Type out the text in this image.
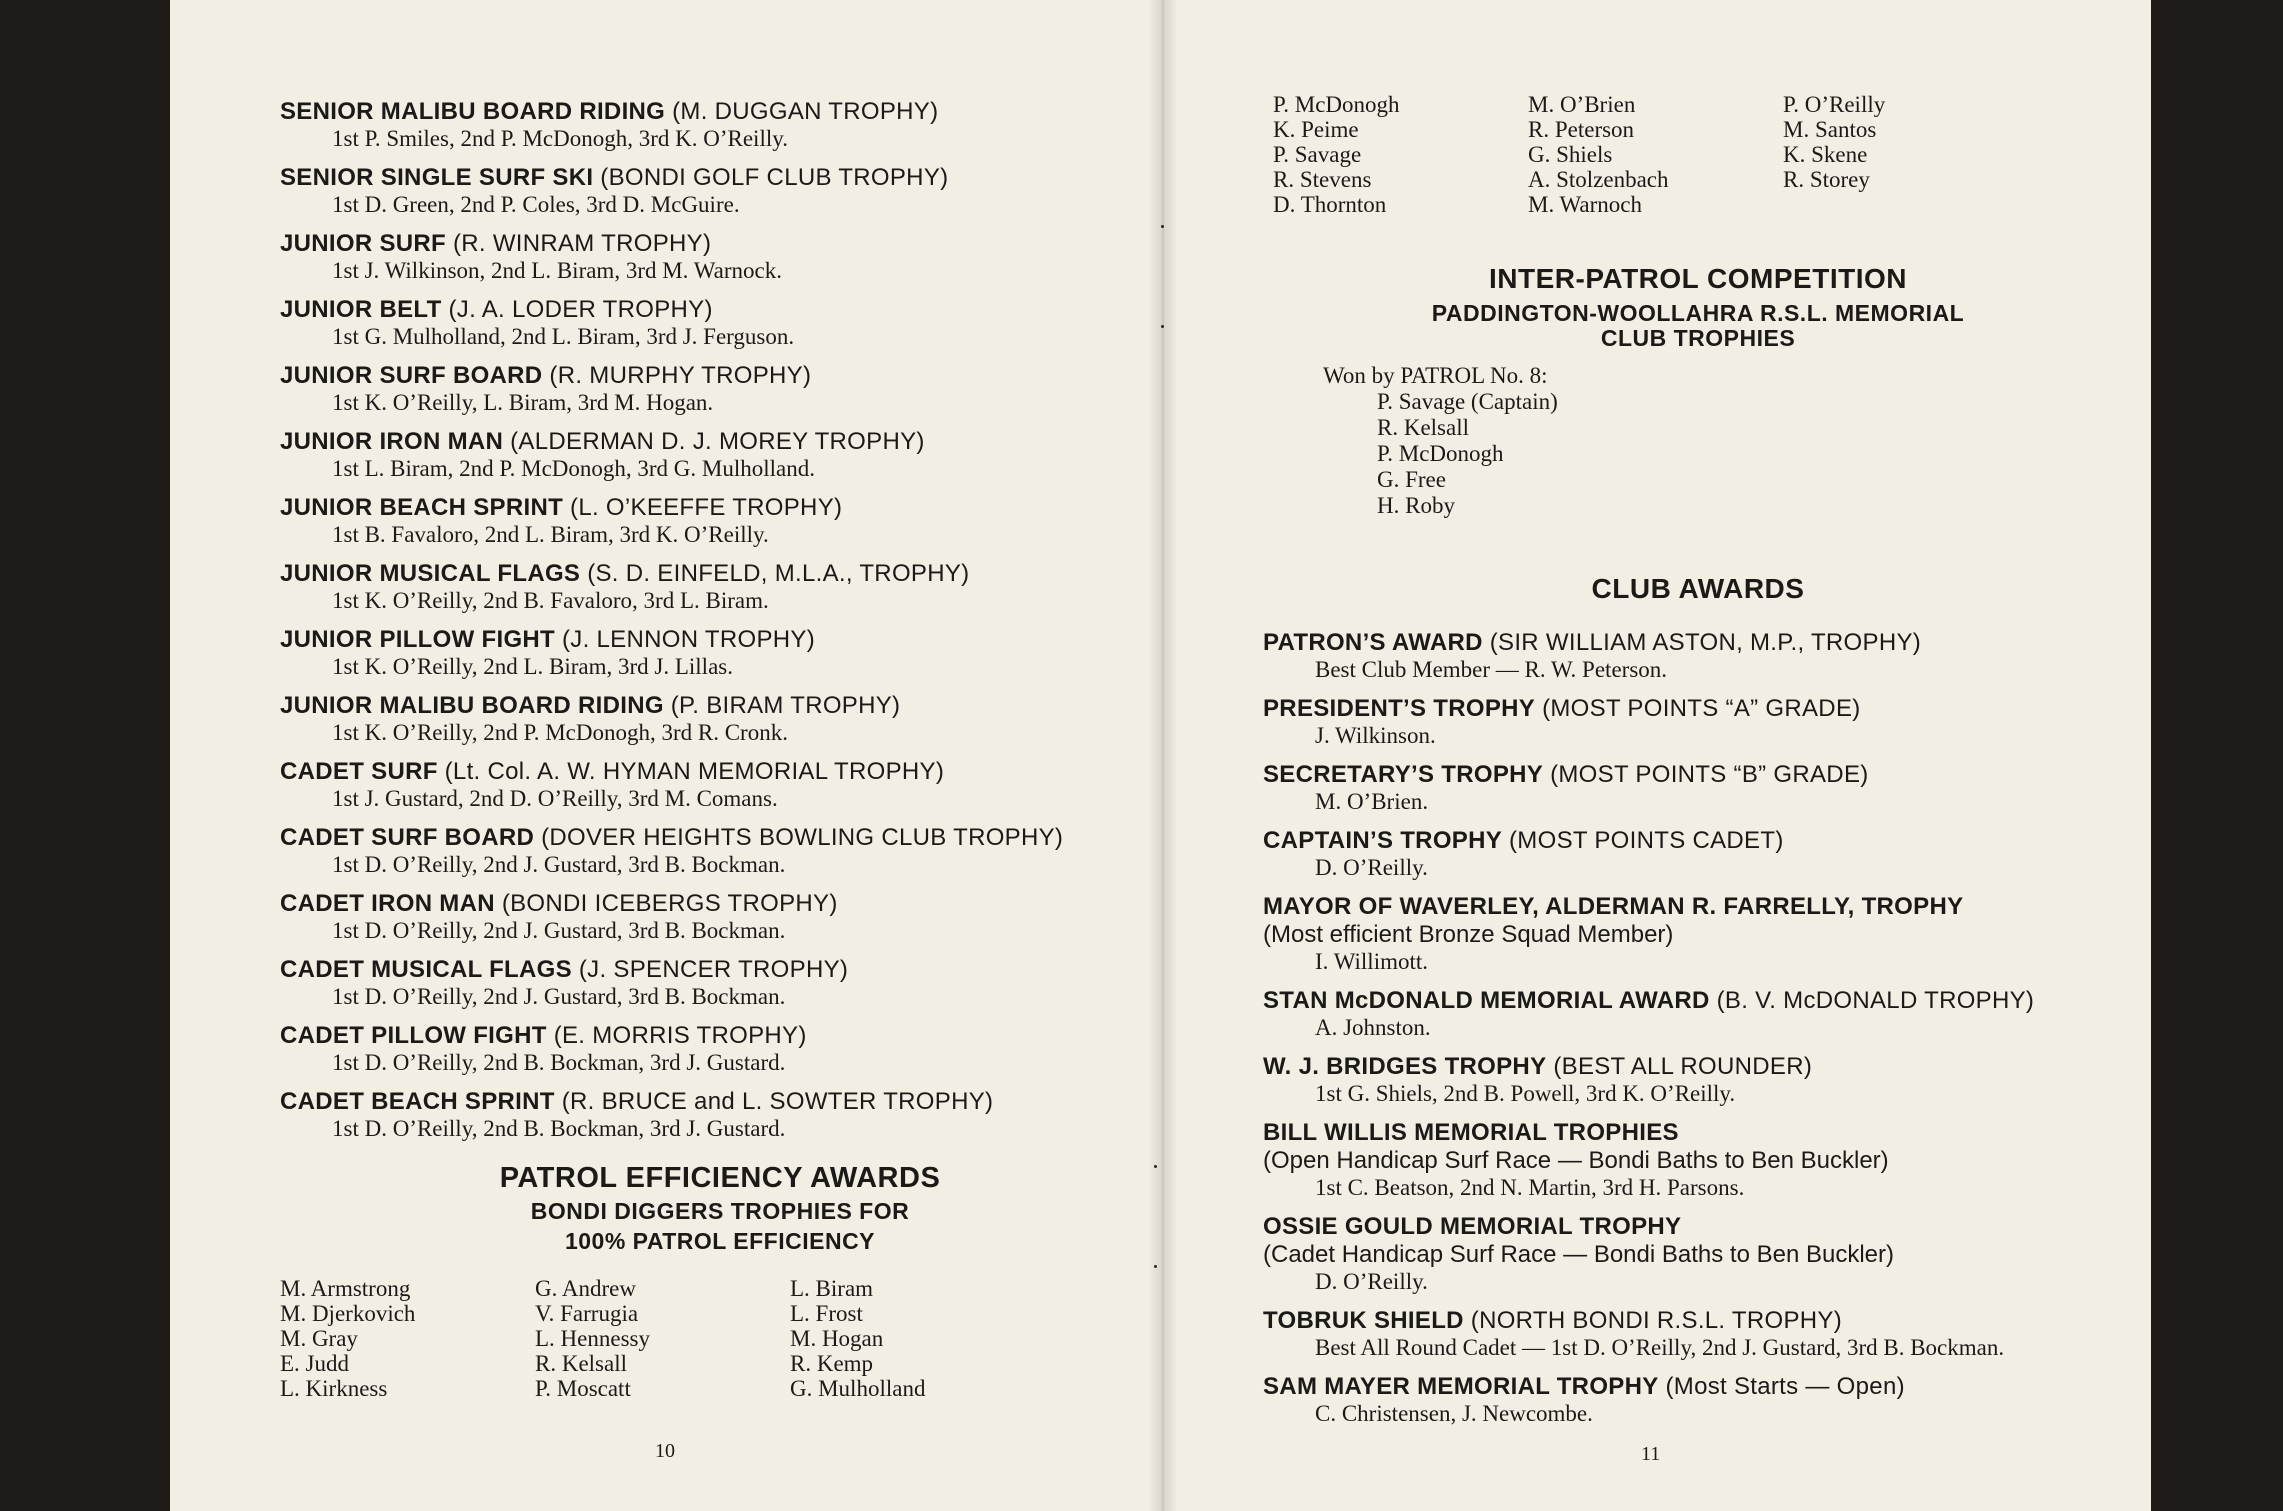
SENIOR MALIBU BOARD RIDING (M. DUGGAN TROPHY)
1st P. Smiles, 2nd P. McDonogh, 3rd K. O’Reilly.
SENIOR SINGLE SURF SKI (BONDI GOLF CLUB TROPHY)
1st D. Green, 2nd P. Coles, 3rd D. McGuire.
JUNIOR SURF (R. WINRAM TROPHY)
1st J. Wilkinson, 2nd L. Biram, 3rd M. Warnock.
JUNIOR BELT (J. A. LODER TROPHY)
1st G. Mulholland, 2nd L. Biram, 3rd J. Ferguson.
JUNIOR SURF BOARD (R. MURPHY TROPHY)
1st K. O’Reilly, L. Biram, 3rd M. Hogan.
JUNIOR IRON MAN (ALDERMAN D. J. MOREY TROPHY)
1st L. Biram, 2nd P. McDonogh, 3rd G. Mulholland.
JUNIOR BEACH SPRINT (L. O’KEEFFE TROPHY)
1st B. Favaloro, 2nd L. Biram, 3rd K. O’Reilly.
JUNIOR MUSICAL FLAGS (S. D. EINFELD, M.L.A., TROPHY)
1st K. O’Reilly, 2nd B. Favaloro, 3rd L. Biram.
JUNIOR PILLOW FIGHT (J. LENNON TROPHY)
1st K. O’Reilly, 2nd L. Biram, 3rd J. Lillas.
JUNIOR MALIBU BOARD RIDING (P. BIRAM TROPHY)
1st K. O’Reilly, 2nd P. McDonogh, 3rd R. Cronk.
CADET SURF (Lt. Col. A. W. HYMAN MEMORIAL TROPHY)
1st J. Gustard, 2nd D. O’Reilly, 3rd M. Comans.
CADET SURF BOARD (DOVER HEIGHTS BOWLING CLUB TROPHY)
1st D. O’Reilly, 2nd J. Gustard, 3rd B. Bockman.
CADET IRON MAN (BONDI ICEBERGS TROPHY)
1st D. O’Reilly, 2nd J. Gustard, 3rd B. Bockman.
CADET MUSICAL FLAGS (J. SPENCER TROPHY)
1st D. O’Reilly, 2nd J. Gustard, 3rd B. Bockman.
CADET PILLOW FIGHT (E. MORRIS TROPHY)
1st D. O’Reilly, 2nd B. Bockman, 3rd J. Gustard.
CADET BEACH SPRINT (R. BRUCE and L. SOWTER TROPHY)
1st D. O’Reilly, 2nd B. Bockman, 3rd J. Gustard.
PATROL EFFICIENCY AWARDS
BONDI DIGGERS TROPHIES FOR
100% PATROL EFFICIENCY
M. Armstrong
M. Djerkovich
M. Gray
E. Judd
L. Kirkness
G. Andrew
V. Farrugia
L. Hennessy
R. Kelsall
P. Moscatt
L. Biram
L. Frost
M. Hogan
R. Kemp
G. Mulholland
10
P. McDonogh
K. Peime
P. Savage
R. Stevens
D. Thornton
M. O’Brien
R. Peterson
G. Shiels
A. Stolzenbach
M. Warnoch
P. O’Reilly
M. Santos
K. Skene
R. Storey
INTER-PATROL COMPETITION
PADDINGTON-WOOLLAHRA R.S.L. MEMORIAL
CLUB TROPHIES
Won by PATROL No. 8:
P. Savage (Captain)
R. Kelsall
P. McDonogh
G. Free
H. Roby
CLUB AWARDS
PATRON’S AWARD (SIR WILLIAM ASTON, M.P., TROPHY)
Best Club Member — R. W. Peterson.
PRESIDENT’S TROPHY (MOST POINTS “A” GRADE)
J. Wilkinson.
SECRETARY’S TROPHY (MOST POINTS “B” GRADE)
M. O’Brien.
CAPTAIN’S TROPHY (MOST POINTS CADET)
D. O’Reilly.
MAYOR OF WAVERLEY, ALDERMAN R. FARRELLY, TROPHY
(Most efficient Bronze Squad Member)
I. Willimott.
STAN McDONALD MEMORIAL AWARD (B. V. McDONALD TROPHY)
A. Johnston.
W. J. BRIDGES TROPHY (BEST ALL ROUNDER)
1st G. Shiels, 2nd B. Powell, 3rd K. O’Reilly.
BILL WILLIS MEMORIAL TROPHIES
(Open Handicap Surf Race — Bondi Baths to Ben Buckler)
1st C. Beatson, 2nd N. Martin, 3rd H. Parsons.
OSSIE GOULD MEMORIAL TROPHY
(Cadet Handicap Surf Race — Bondi Baths to Ben Buckler)
D. O’Reilly.
TOBRUK SHIELD (NORTH BONDI R.S.L. TROPHY)
Best All Round Cadet — 1st D. O’Reilly, 2nd J. Gustard, 3rd B. Bockman.
SAM MAYER MEMORIAL TROPHY (Most Starts — Open)
C. Christensen, J. Newcombe.
11
